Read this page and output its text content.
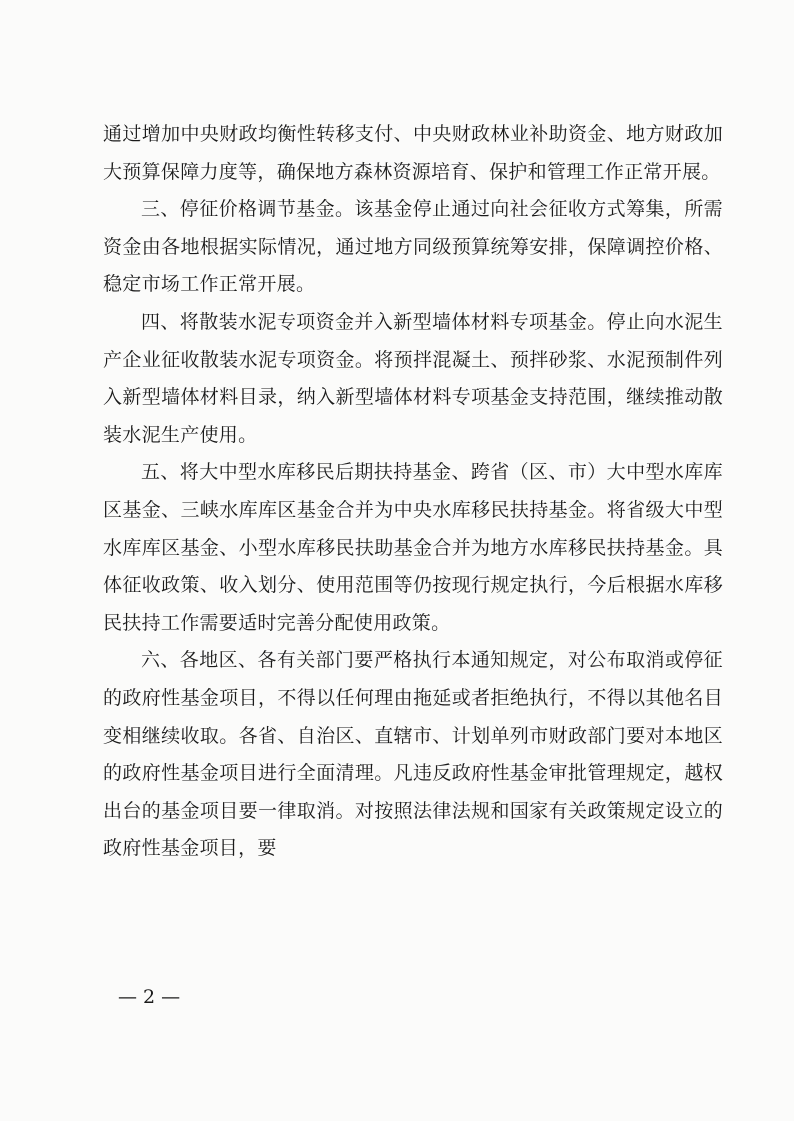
通过增加中央财政均衡性转移支付、中央财政林业补助资金、地方财政加大预算保障力度等，确保地方森林资源培育、保护和管理工作正常开展。

三、停征价格调节基金。该基金停止通过向社会征收方式筹集，所需资金由各地根据实际情况，通过地方同级预算统筹安排，保障调控价格、稳定市场工作正常开展。

四、将散装水泥专项资金并入新型墙体材料专项基金。停止向水泥生产企业征收散装水泥专项资金。将预拌混凝土、预拌砂浆、水泥预制件列入新型墙体材料目录，纳入新型墙体材料专项基金支持范围，继续推动散装水泥生产使用。

五、将大中型水库移民后期扶持基金、跨省（区、市）大中型水库库区基金、三峡水库库区基金合并为中央水库移民扶持基金。将省级大中型水库库区基金、小型水库移民扶助基金合并为地方水库移民扶持基金。具体征收政策、收入划分、使用范围等仍按现行规定执行，今后根据水库移民扶持工作需要适时完善分配使用政策。

六、各地区、各有关部门要严格执行本通知规定，对公布取消或停征的政府性基金项目，不得以任何理由拖延或者拒绝执行，不得以其他名目变相继续收取。各省、自治区、直辖市、计划单列市财政部门要对本地区的政府性基金项目进行全面清理。凡违反政府性基金审批管理规定，越权出台的基金项目要一律取消。对按照法律法规和国家有关政策规定设立的政府性基金项目，要

— 2 —
